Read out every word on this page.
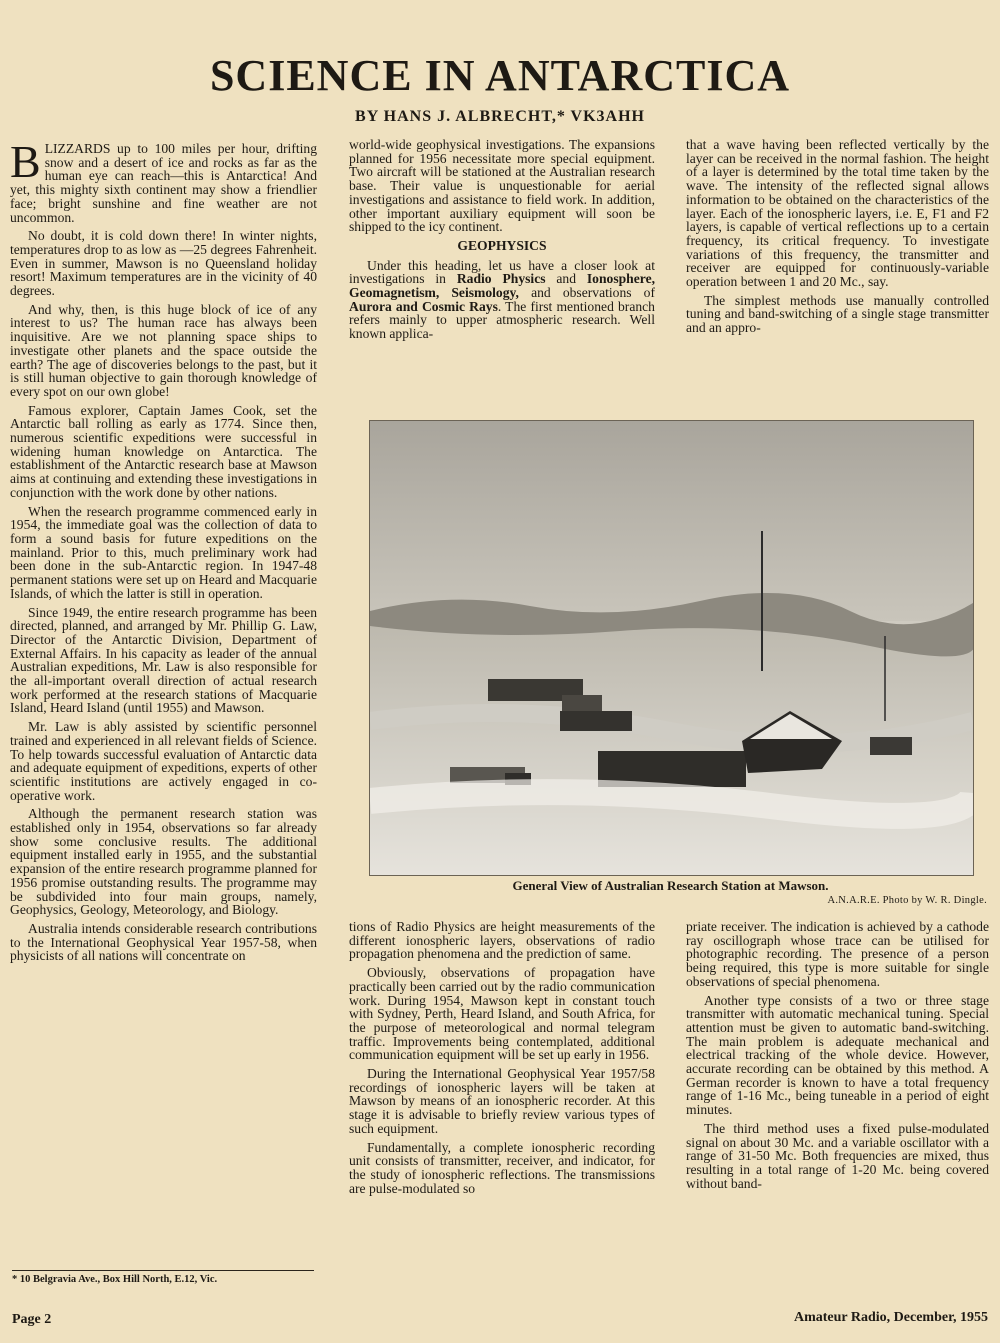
SCIENCE IN ANTARCTICA
BY HANS J. ALBRECHT,* VK3AHH

BLIZZARDS up to 100 miles per hour, drifting snow and a desert of ice and rocks as far as the human eye can reach—this is Antarctica! And yet, this mighty sixth continent may show a friendlier face; bright sunshine and fine weather are not uncommon.

No doubt, it is cold down there! In winter nights, temperatures drop to as low as —25 degrees Fahrenheit. Even in summer, Mawson is no Queensland holiday resort! Maximum temperatures are in the vicinity of 40 degrees.

And why, then, is this huge block of ice of any interest to us? The human race has always been inquisitive. Are we not planning space ships to investigate other planets and the space outside the earth? The age of discoveries belongs to the past, but it is still human objective to gain thorough knowledge of every spot on our own globe!

Famous explorer, Captain James Cook, set the Antarctic ball rolling as early as 1774. Since then, numerous scientific expeditions were successful in widening human knowledge on Antarctica. The establishment of the Antarctic research base at Mawson aims at continuing and extending these investigations in conjunction with the work done by other nations.

When the research programme commenced early in 1954, the immediate goal was the collection of data to form a sound basis for future expeditions on the mainland. Prior to this, much preliminary work had been done in the sub-Antarctic region. In 1947-48 permanent stations were set up on Heard and Macquarie Islands, of which the latter is still in operation.

Since 1949, the entire research programme has been directed, planned, and arranged by Mr. Phillip G. Law, Director of the Antarctic Division, Department of External Affairs. In his capacity as leader of the annual Australian expeditions, Mr. Law is also responsible for the all-important overall direction of actual research work performed at the research stations of Macquarie Island, Heard Island (until 1955) and Mawson.

Mr. Law is ably assisted by scientific personnel trained and experienced in all relevant fields of Science. To help towards successful evaluation of Antarctic data and adequate equipment of expeditions, experts of other scientific institutions are actively engaged in co-operative work.

Although the permanent research station was established only in 1954, observations so far already show some conclusive results. The additional equipment installed early in 1955, and the substantial expansion of the entire research programme planned for 1956 promise outstanding results. The programme may be subdivided into four main groups, namely, Geophysics, Geology, Meteorology, and Biology.

Australia intends considerable research contributions to the International Geophysical Year 1957-58, when physicists of all nations will concentrate on

world-wide geophysical investigations. The expansions planned for 1956 necessitate more special equipment. Two aircraft will be stationed at the Australian research base. Their value is unquestionable for aerial investigations and assistance to field work. In addition, other important auxiliary equipment will soon be shipped to the icy continent.

GEOPHYSICS

Under this heading, let us have a closer look at investigations in Radio Physics and Ionosphere, Geomagnetism, Seismology, and observations of Aurora and Cosmic Rays. The first mentioned branch refers mainly to upper atmospheric research. Well known applica-

that a wave having been reflected vertically by the layer can be received in the normal fashion. The height of a layer is determined by the total time taken by the wave. The intensity of the reflected signal allows information to be obtained on the characteristics of the layer. Each of the ionospheric layers, i.e. E, F1 and F2 layers, is capable of vertical reflections up to a certain frequency, its critical frequency. To investigate variations of this frequency, the transmitter and receiver are equipped for continuously-variable operation between 1 and 20 Mc., say.

The simplest methods use manually controlled tuning and band-switching of a single stage transmitter and an appro-

General View of Australian Research Station at Mawson.
A.N.A.R.E. Photo by W. R. Dingle.

tions of Radio Physics are height measurements of the different ionospheric layers, observations of radio propagation phenomena and the prediction of same.

Obviously, observations of propagation have practically been carried out by the radio communication work. During 1954, Mawson kept in constant touch with Sydney, Perth, Heard Island, and South Africa, for the purpose of meteorological and normal telegram traffic. Improvements being contemplated, additional communication equipment will be set up early in 1956.

During the International Geophysical Year 1957/58 recordings of ionospheric layers will be taken at Mawson by means of an ionospheric recorder. At this stage it is advisable to briefly review various types of such equipment.

Fundamentally, a complete ionospheric recording unit consists of transmitter, receiver, and indicator, for the study of ionospheric reflections. The transmissions are pulse-modulated so

priate receiver. The indication is achieved by a cathode ray oscillograph whose trace can be utilised for photographic recording. The presence of a person being required, this type is more suitable for single observations of special phenomena.

Another type consists of a two or three stage transmitter with automatic mechanical tuning. Special attention must be given to automatic band-switching. The main problem is adequate mechanical and electrical tracking of the whole device. However, accurate recording can be obtained by this method. A German recorder is known to have a total frequency range of 1-16 Mc., being tuneable in a period of eight minutes.

The third method uses a fixed pulse-modulated signal on about 30 Mc. and a variable oscillator with a range of 31-50 Mc. Both frequencies are mixed, thus resulting in a total range of 1-20 Mc. being covered without band-

* 10 Belgravia Ave., Box Hill North, E.12, Vic.
Page 2	Amateur Radio, December, 1955
